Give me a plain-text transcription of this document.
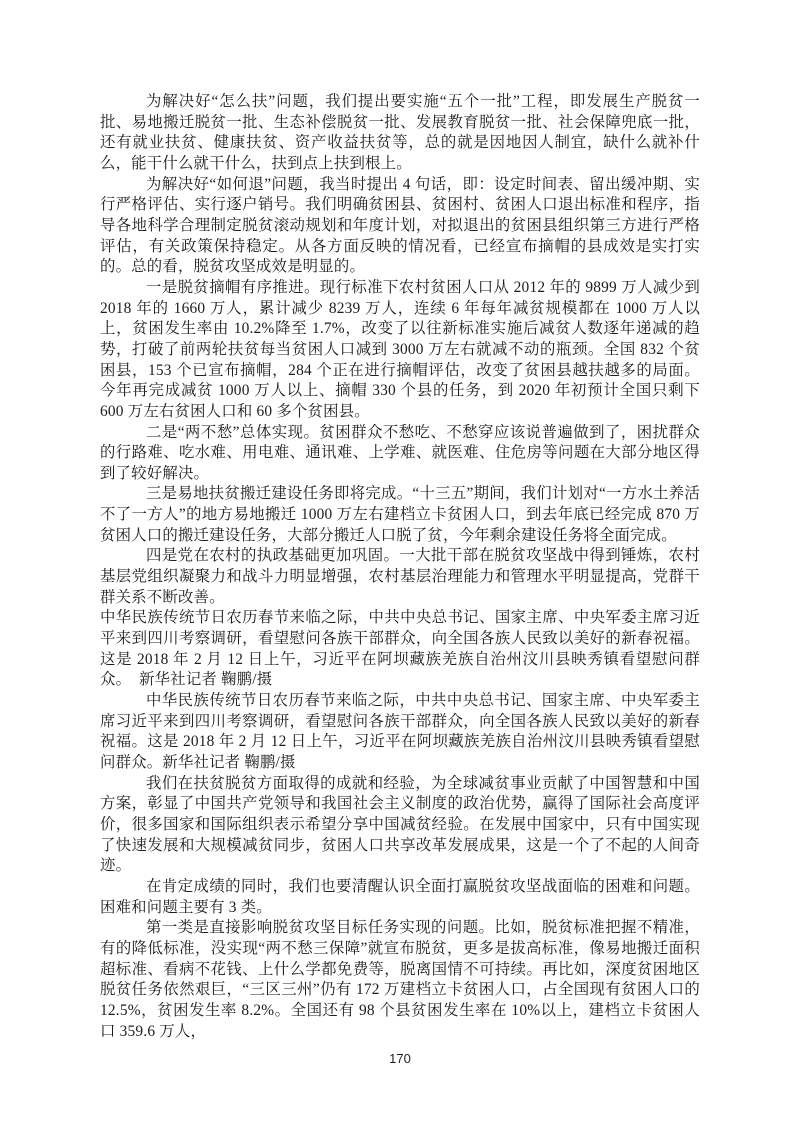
为解决好“怎么扶”问题，我们提出要实施“五个一批”工程，即发展生产脱贫一批、易地搬迁脱贫一批、生态补偿脱贫一批、发展教育脱贫一批、社会保障兜底一批，还有就业扶贫、健康扶贫、资产收益扶贫等，总的就是因地因人制宜，缺什么就补什么，能干什么就干什么，扶到点上扶到根上。

为解决好“如何退”问题，我当时提出 4 句话，即：设定时间表、留出缓冲期、实行严格评估、实行逐户销号。我们明确贫困县、贫困村、贫困人口退出标准和程序，指导各地科学合理制定脱贫滚动规划和年度计划，对拟退出的贫困县组织第三方进行严格评估，有关政策保持稳定。从各方面反映的情况看，已经宣布摘帽的县成效是实打实的。总的看，脱贫攻坚成效是明显的。

一是脱贫摘帽有序推进。现行标准下农村贫困人口从 2012 年的 9899 万人减少到 2018 年的 1660 万人，累计减少 8239 万人，连续 6 年每年减贫规模都在 1000 万人以上，贫困发生率由 10.2%降至 1.7%，改变了以往新标准实施后减贫人数逐年递减的趋势，打破了前两轮扶贫每当贫困人口减到 3000 万左右就减不动的瓶颈。全国 832 个贫困县，153 个已宣布摘帽，284 个正在进行摘帽评估，改变了贫困县越扶越多的局面。今年再完成减贫 1000 万人以上、摘帽 330 个县的任务，到 2020 年初预计全国只剩下 600 万左右贫困人口和 60 多个贫困县。

二是“两不愁”总体实现。贫困群众不愁吃、不愁穿应该说普遍做到了，困扰群众的行路难、吃水难、用电难、通讯难、上学难、就医难、住危房等问题在大部分地区得到了较好解决。

三是易地扶贫搬迁建设任务即将完成。“十三五”期间，我们计划对“一方水土养活不了一方人”的地方易地搬迁 1000 万左右建档立卡贫困人口，到去年底已经完成 870 万贫困人口的搬迁建设任务，大部分搬迁人口脱了贫，今年剩余建设任务将全面完成。

四是党在农村的执政基础更加巩固。一大批干部在脱贫攻坚战中得到锤炼，农村基层党组织凝聚力和战斗力明显增强，农村基层治理能力和管理水平明显提高，党群干群关系不断改善。

中华民族传统节日农历春节来临之际，中共中央总书记、国家主席、中央军委主席习近平来到四川考察调研，看望慰问各族干部群众，向全国各族人民致以美好的新春祝福。这是 2018 年 2 月 12 日上午，习近平在阿坝藏族羌族自治州汶川县映秀镇看望慰问群众。　新华社记者 鞠鹏/摄

中华民族传统节日农历春节来临之际，中共中央总书记、国家主席、中央军委主席习近平来到四川考察调研，看望慰问各族干部群众，向全国各族人民致以美好的新春祝福。这是 2018 年 2 月 12 日上午，习近平在阿坝藏族羌族自治州汶川县映秀镇看望慰问群众。新华社记者 鞠鹏/摄

我们在扶贫脱贫方面取得的成就和经验，为全球减贫事业贡献了中国智慧和中国方案，彰显了中国共产党领导和我国社会主义制度的政治优势，赢得了国际社会高度评价，很多国家和国际组织表示希望分享中国减贫经验。在发展中国家中，只有中国实现了快速发展和大规模减贫同步，贫困人口共享改革发展成果，这是一个了不起的人间奇迹。

在肯定成绩的同时，我们也要清醒认识全面打赢脱贫攻坚战面临的困难和问题。困难和问题主要有 3 类。

第一类是直接影响脱贫攻坚目标任务实现的问题。比如，脱贫标准把握不精准，有的降低标准，没实现“两不愁三保障”就宣布脱贫，更多是拔高标准，像易地搬迁面积超标准、看病不花钱、上什么学都免费等，脱离国情不可持续。再比如，深度贫困地区脱贫任务依然艰巨，“三区三州”仍有 172 万建档立卡贫困人口，占全国现有贫困人口的 12.5%，贫困发生率 8.2%。全国还有 98 个县贫困发生率在 10%以上，建档立卡贫困人口 359.6 万人，

170
